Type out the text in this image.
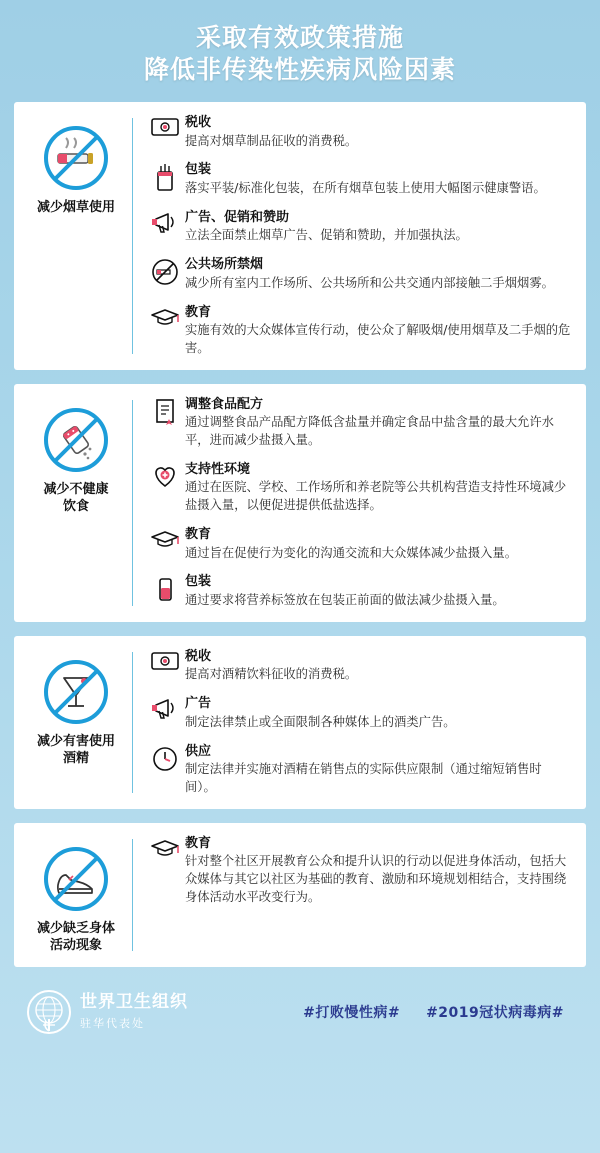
采取有效政策措施
降低非传染性疾病风险因素
减少烟草使用
税收
提高对烟草制品征收的消费税。
包装
落实平装/标准化包装，在所有烟草包装上使用大幅图示健康警语。
广告、促销和赞助
立法全面禁止烟草广告、促销和赞助，并加强执法。
公共场所禁烟
减少所有室内工作场所、公共场所和公共交通内部接触二手烟烟雾。
教育
实施有效的大众媒体宣传行动，使公众了解吸烟/使用烟草及二手烟的危害。
减少不健康
饮食
调整食品配方
通过调整食品产品配方降低含盐量并确定食品中盐含量的最大允许水平，进而减少盐摄入量。
支持性环境
通过在医院、学校、工作场所和养老院等公共机构营造支持性环境减少盐摄入量，以便促进提供低盐选择。
教育
通过旨在促使行为变化的沟通交流和大众媒体减少盐摄入量。
包装
通过要求将营养标签放在包装正前面的做法减少盐摄入量。
减少有害使用
酒精
税收
提高对酒精饮料征收的消费税。
广告
制定法律禁止或全面限制各种媒体上的酒类广告。
供应
制定法律并实施对酒精在销售点的实际供应限制（通过缩短销售时间）。
减少缺乏身体
活动现象
教育
针对整个社区开展教育公众和提升认识的行动以促进身体活动，包括大众媒体与其它以社区为基础的教育、激励和环境规划相结合，支持围绕身体活动水平改变行为。
世界卫生组织
驻华代表处
#打败慢性病# #2019冠状病毒病#
